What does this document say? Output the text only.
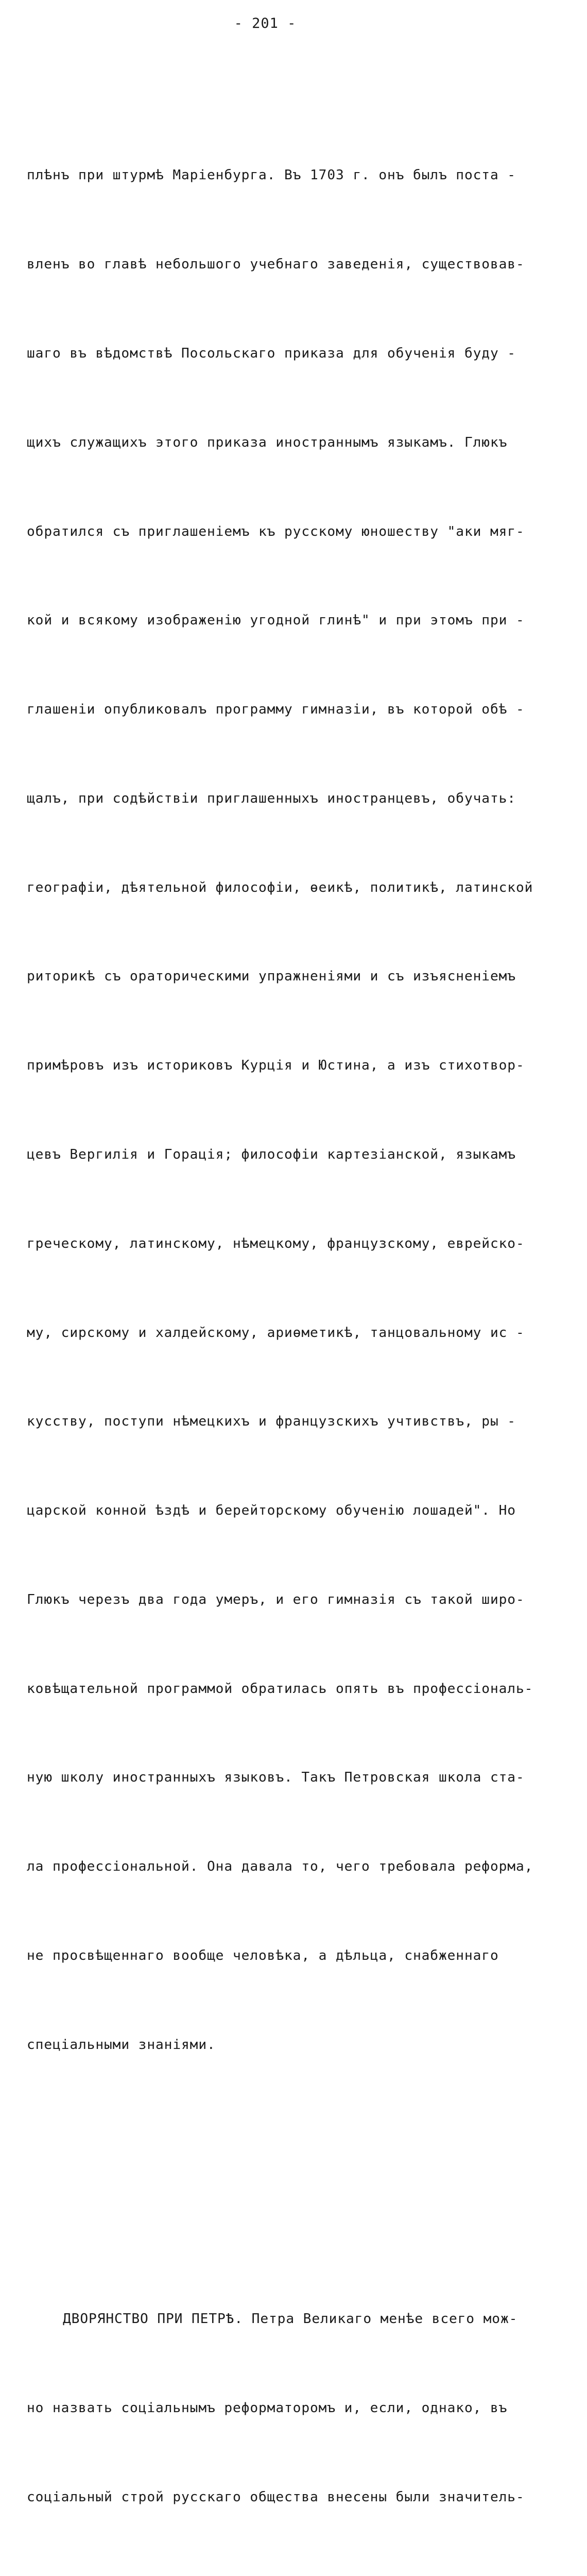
- 201 -

плѣнъ при штурмѣ Маріенбурга. Въ 1703 г. онъ былъ поста -

вленъ во главѣ небольшого учебнаго заведенія, существовав-

шаго въ вѣдомствѣ Посольскаго приказа для обученія буду -

щихъ служащихъ этого приказа иностраннымъ языкамъ. Глюкъ

обратился съ приглашеніемъ къ русскому юношеству "аки мяг-

кой и всякому изображенію угодной глинѣ" и при этомъ при -

глашеніи опубликовалъ программу гимназіи, въ которой обѣ -

щалъ, при содѣйствіи приглашенныхъ иностранцевъ, обучать:

географіи, дѣятельной философіи, ѳеикѣ, политикѣ, латинской

риторикѣ съ ораторическими упражненіями и съ изъясненіемъ

примѣровъ изъ историковъ Курція и Юстина, а изъ стихотвор-

цевъ Вергилія и Горація; философіи картезіанской, языкамъ

греческому, латинскому, нѣмецкому, французскому, еврейско-

му, сирскому и халдейскому, ариѳметикѣ, танцовальному ис -

кусству, поступи нѣмецкихъ и французскихъ учтивствъ, ры -

царской конной ѣздѣ и берейторскому обученію лошадей". Но

Глюкъ черезъ два года умеръ, и его гимназія съ такой широ-

ковѣщательной программой обратилась опять въ профессіональ-

ную школу иностранныхъ языковъ. Такъ Петровская школа ста-

ла профессіональной. Она давала то, чего требовала реформа,

не просвѣщеннаго вообще человѣка, а дѣльца, снабженнаго

спеціальными знаніями.

ДВОРЯНСТВО ПРИ ПЕТРѢ. Петра Великаго менѣе всего мож-

но назвать соціальнымъ реформаторомъ и, если, однако, въ

соціальный строй русскаго общества внесены были значитель-
